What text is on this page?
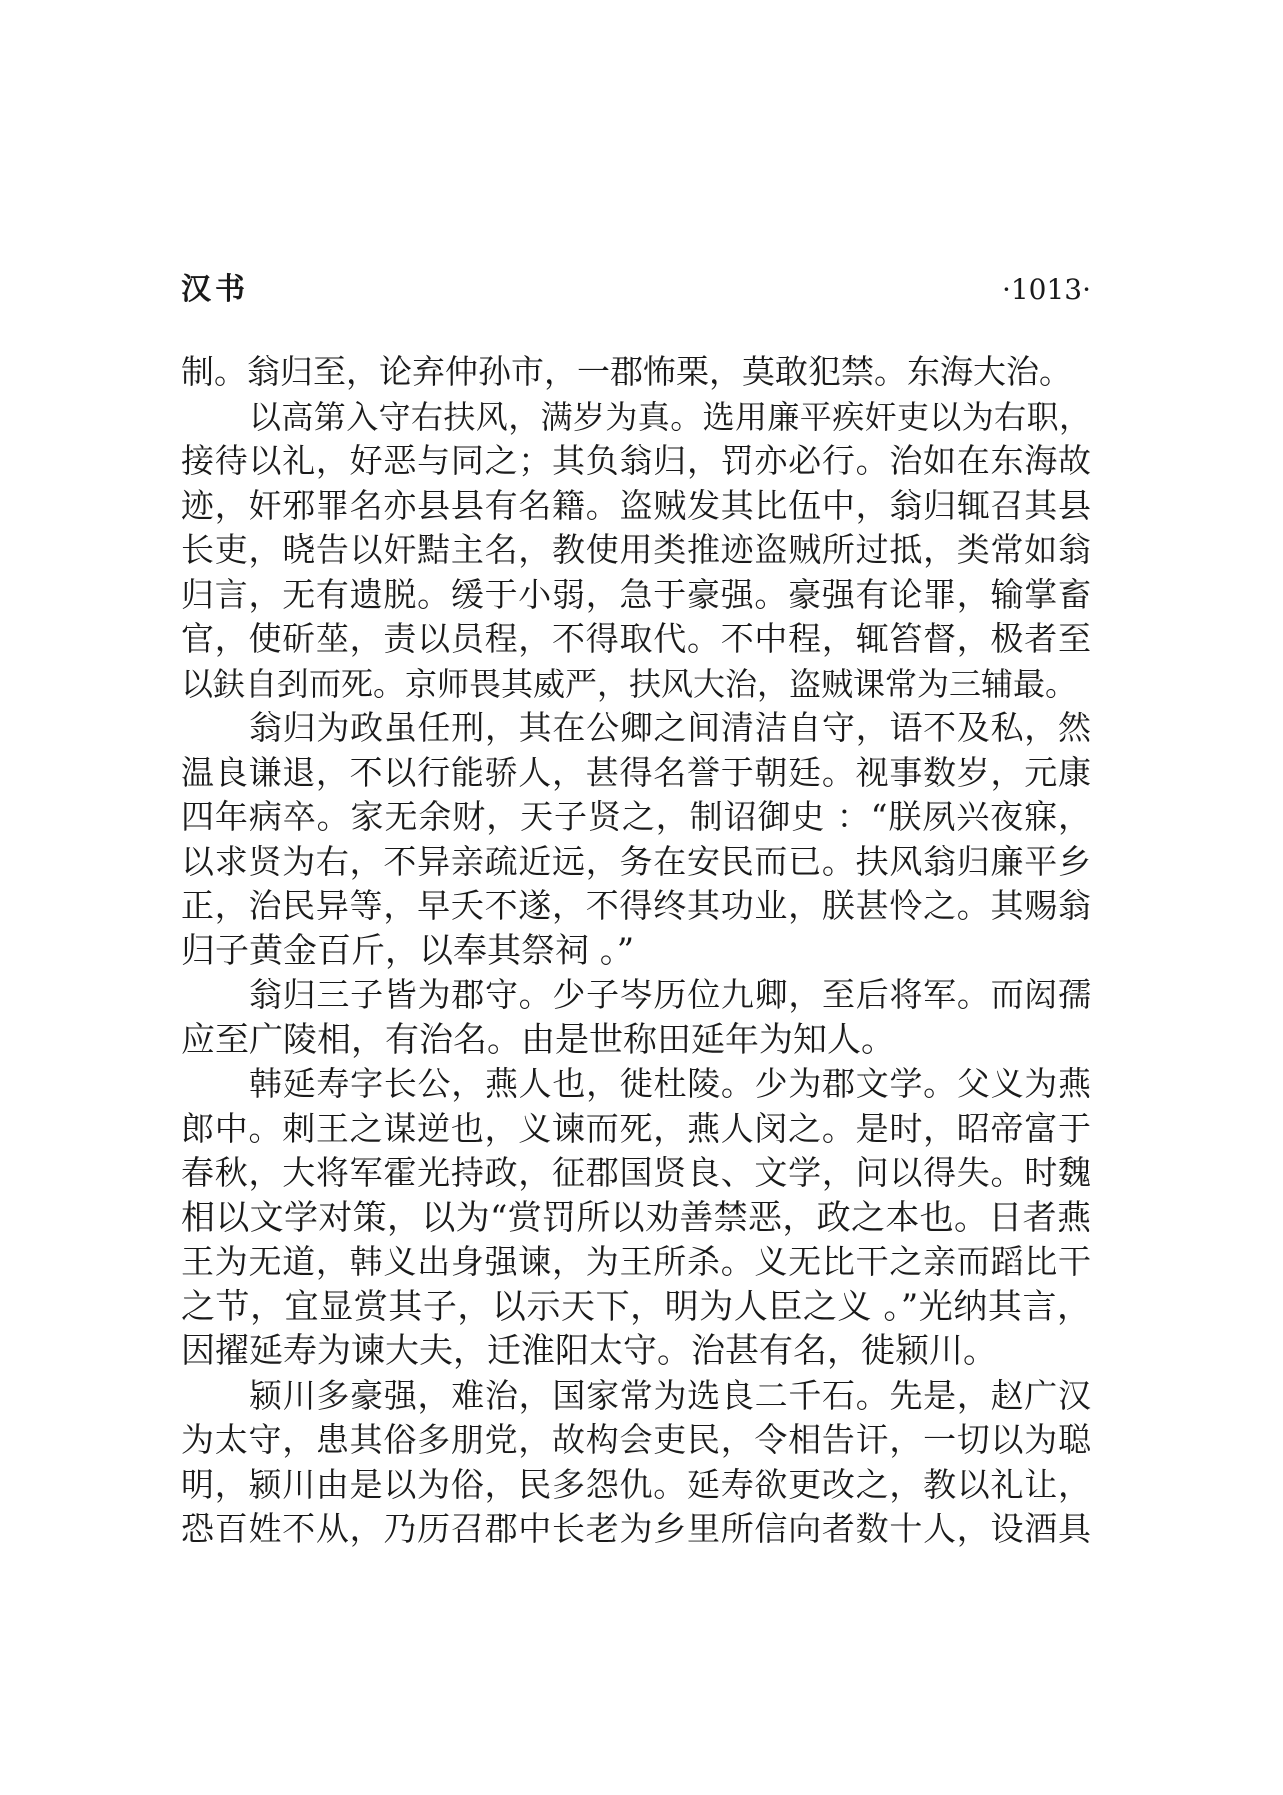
汉书	·1013·
制。翁归至，论弃仲孙市，一郡怖栗，莫敢犯禁。东海大治。
以高第入守右扶风，满岁为真。选用廉平疾奸吏以为右职，
接待以礼，好恶与同之；其负翁归，罚亦必行。治如在东海故
迹，奸邪罪名亦县县有名籍。盗贼发其比伍中，翁归辄召其县
长吏，晓告以奸黠主名，教使用类推迹盗贼所过抵，类常如翁
归言，无有遗脱。缓于小弱，急于豪强。豪强有论罪，输掌畜
官，使斫莝，责以员程，不得取代。不中程，辄笞督，极者至
以鈇自刭而死。京师畏其威严，扶风大治，盗贼课常为三辅最。
翁归为政虽任刑，其在公卿之间清洁自守，语不及私，然
温良谦退，不以行能骄人，甚得名誉于朝廷。视事数岁，元康
四年病卒。家无余财，天子贤之，制诏御史 ：“朕夙兴夜寐，
以求贤为右，不异亲疏近远，务在安民而已。扶风翁归廉平乡
正，治民异等，早夭不遂，不得终其功业，朕甚怜之。其赐翁
归子黄金百斤，以奉其祭祠 。”
翁归三子皆为郡守。少子岑历位九卿，至后将军。而闳孺
应至广陵相，有治名。由是世称田延年为知人。
韩延寿字长公，燕人也，徙杜陵。少为郡文学。父义为燕
郎中。刺王之谋逆也，义谏而死，燕人闵之。是时，昭帝富于
春秋，大将军霍光持政，征郡国贤良、文学，问以得失。时魏
相以文学对策，以为“赏罚所以劝善禁恶，政之本也。日者燕
王为无道，韩义出身强谏，为王所杀。义无比干之亲而蹈比干
之节，宜显赏其子，以示天下，明为人臣之义 。”光纳其言，
因擢延寿为谏大夫，迁淮阳太守。治甚有名，徙颍川。
颍川多豪强，难治，国家常为选良二千石。先是，赵广汉
为太守，患其俗多朋党，故构会吏民，令相告讦，一切以为聪
明，颍川由是以为俗，民多怨仇。延寿欲更改之，教以礼让，
恐百姓不从，乃历召郡中长老为乡里所信向者数十人，设酒具
